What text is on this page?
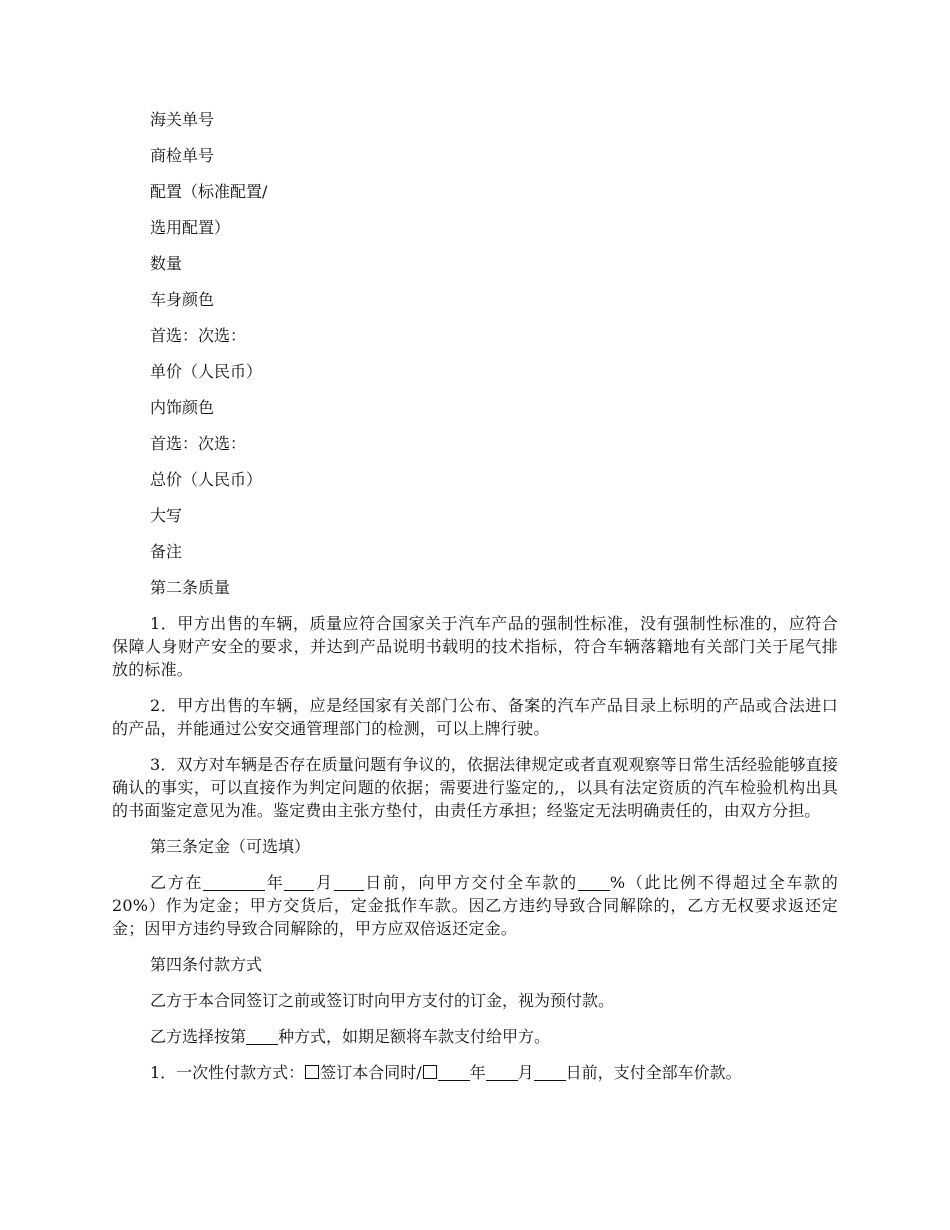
海关单号
商检单号
配置（标准配置/
选用配置）
数量
车身颜色
首选：次选：
单价（人民币）
内饰颜色
首选：次选：
总价（人民币）
大写
备注
第二条质量
1．甲方出售的车辆，质量应符合国家关于汽车产品的强制性标准，没有强制性标准的，应符合保障人身财产安全的要求，并达到产品说明书载明的技术指标，符合车辆落籍地有关部门关于尾气排放的标准。
2．甲方出售的车辆，应是经国家有关部门公布、备案的汽车产品目录上标明的产品或合法进口的产品，并能通过公安交通管理部门的检测，可以上牌行驶。
3．双方对车辆是否存在质量问题有争议的，依据法律规定或者直观观察等日常生活经验能够直接确认的事实，可以直接作为判定问题的依据；需要进行鉴定的,，以具有法定资质的汽车检验机构出具的书面鉴定意见为准。鉴定费由主张方垫付，由责任方承担；经鉴定无法明确责任的，由双方分担。
第三条定金（可选填）
乙方在	年 月 日前，向甲方交付全车款的 %（此比例不得超过全车款的 20%）作为定金；甲方交货后，定金抵作车款。因乙方违约导致合同解除的，乙方无权要求返还定金；因甲方违约导致合同解除的，甲方应双倍返还定金。
第四条付款方式
乙方于本合同签订之前或签订时向甲方支付的订金，视为预付款。
乙方选择按第 种方式，如期足额将车款支付给甲方。
1．一次性付款方式： 签订本合同时/	年 月 日前，支付全部车价款。
